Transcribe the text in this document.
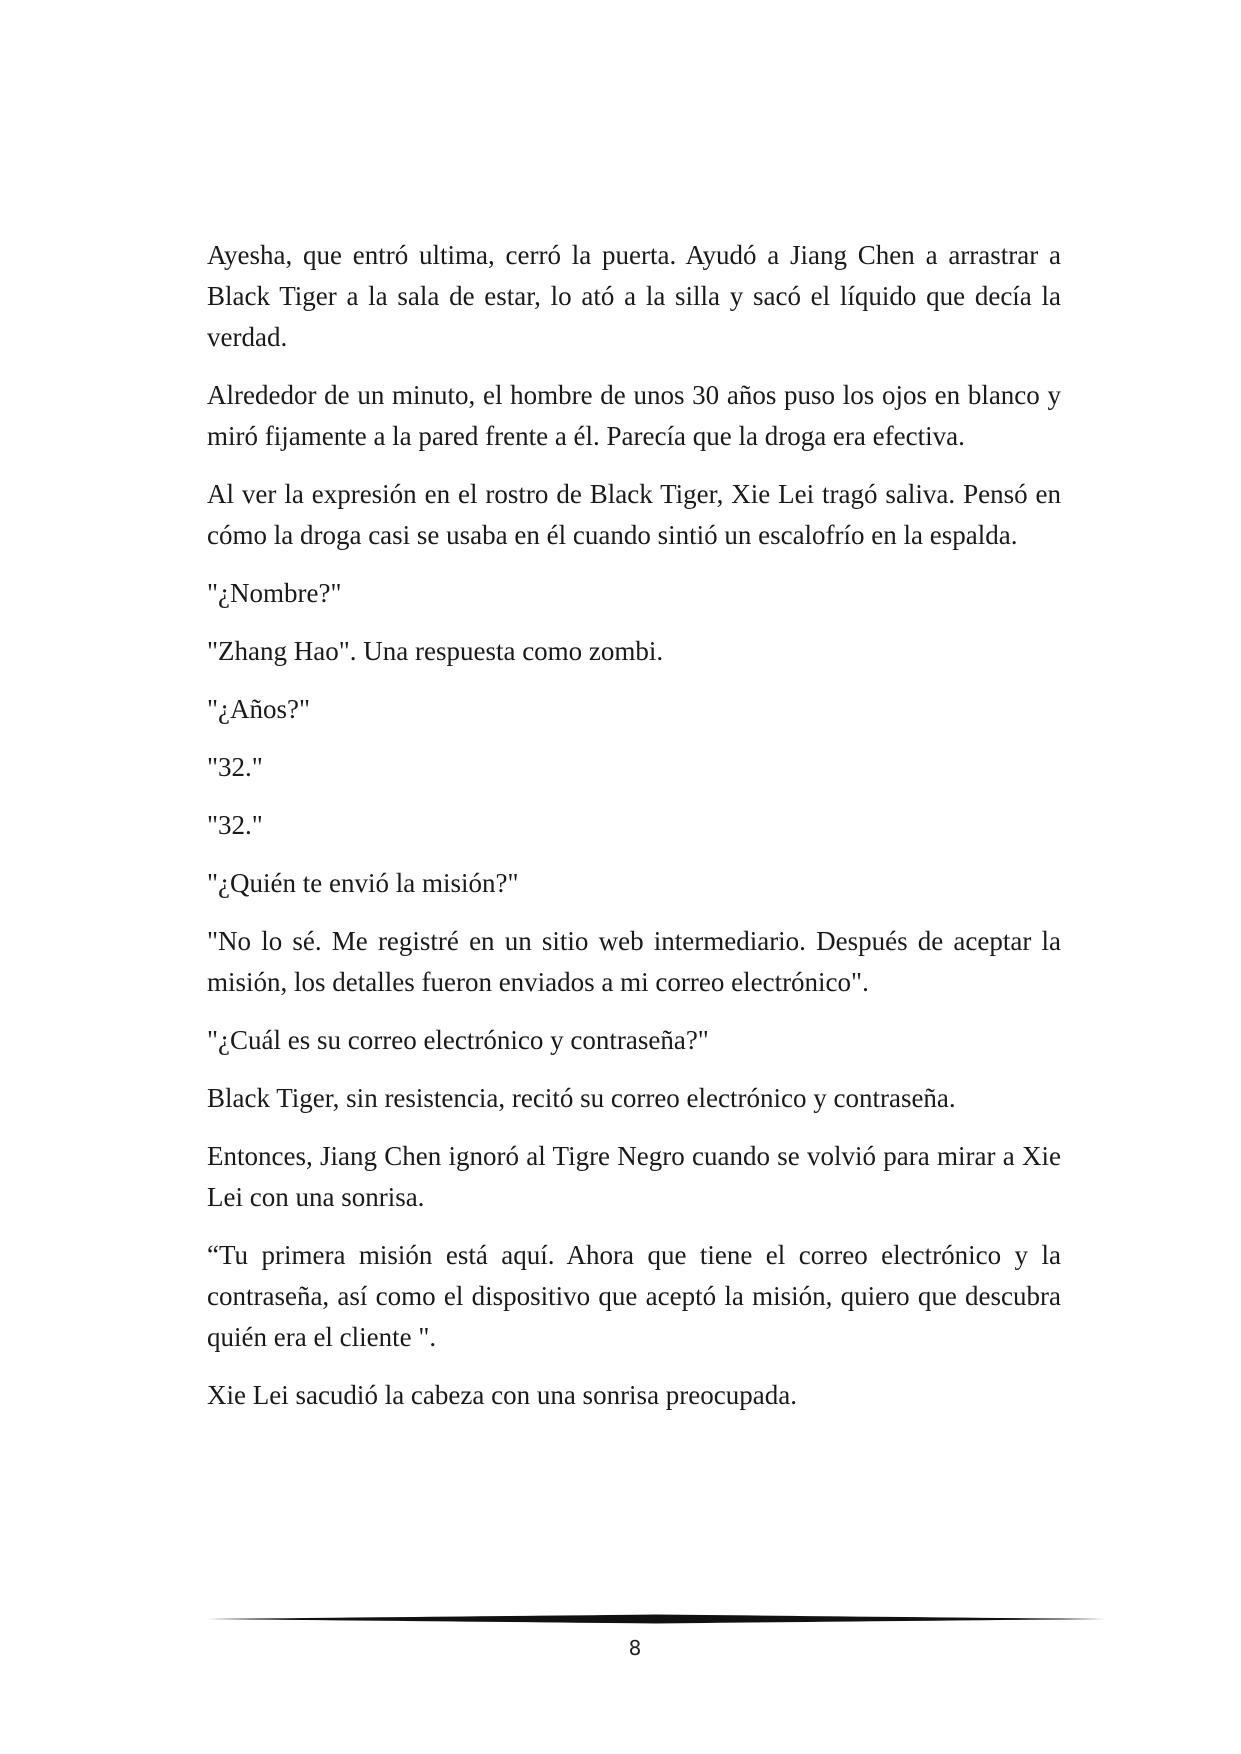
Ayesha, que entró ultima, cerró la puerta. Ayudó a Jiang Chen a arrastrar a Black Tiger a la sala de estar, lo ató a la silla y sacó el líquido que decía la verdad.

Alrededor de un minuto, el hombre de unos 30 años puso los ojos en blanco y miró fijamente a la pared frente a él. Parecía que la droga era efectiva.

Al ver la expresión en el rostro de Black Tiger, Xie Lei tragó saliva. Pensó en cómo la droga casi se usaba en él cuando sintió un escalofrío en la espalda.

"¿Nombre?"

"Zhang Hao". Una respuesta como zombi.

"¿Años?"

"32."

"32."

"¿Quién te envió la misión?"

"No lo sé. Me registré en un sitio web intermediario. Después de aceptar la misión, los detalles fueron enviados a mi correo electrónico".

"¿Cuál es su correo electrónico y contraseña?"

Black Tiger, sin resistencia, recitó su correo electrónico y contraseña.

Entonces, Jiang Chen ignoró al Tigre Negro cuando se volvió para mirar a Xie Lei con una sonrisa.

“Tu primera misión está aquí. Ahora que tiene el correo electrónico y la contraseña, así como el dispositivo que aceptó la misión, quiero que descubra quién era el cliente ".

Xie Lei sacudió la cabeza con una sonrisa preocupada.

8
